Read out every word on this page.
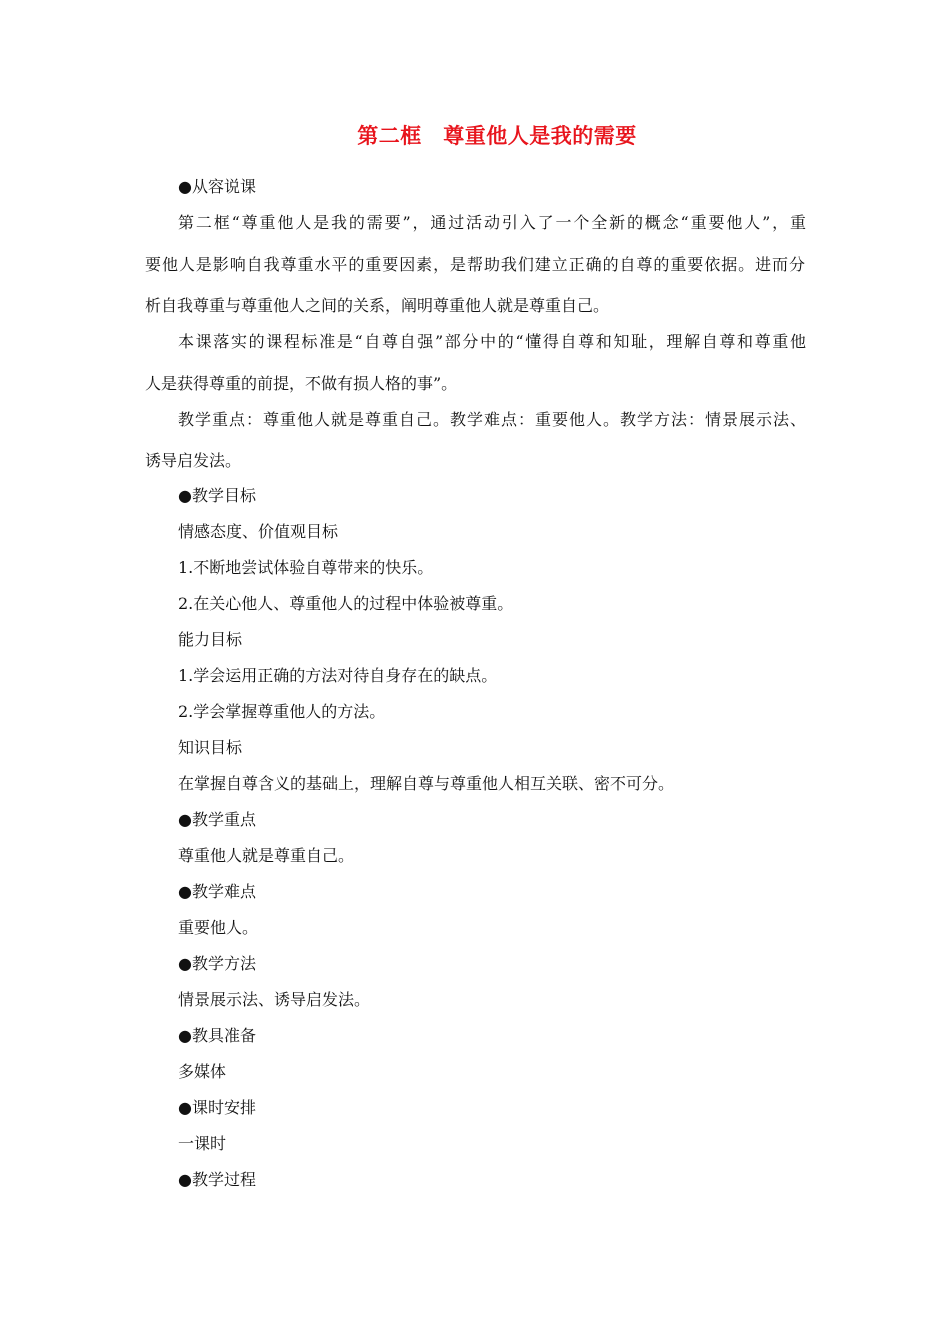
第二框　尊重他人是我的需要
●从容说课
第二框“尊重他人是我的需要”，通过活动引入了一个全新的概念“重要他人”，重
要他人是影响自我尊重水平的重要因素，是帮助我们建立正确的自尊的重要依据。进而分
析自我尊重与尊重他人之间的关系，阐明尊重他人就是尊重自己。
本课落实的课程标准是“自尊自强”部分中的“懂得自尊和知耻，理解自尊和尊重他
人是获得尊重的前提，不做有损人格的事”。
教学重点：尊重他人就是尊重自己。教学难点：重要他人。教学方法：情景展示法、
诱导启发法。
●教学目标
情感态度、价值观目标
1.不断地尝试体验自尊带来的快乐。
2.在关心他人、尊重他人的过程中体验被尊重。
能力目标
1.学会运用正确的方法对待自身存在的缺点。
2.学会掌握尊重他人的方法。
知识目标
在掌握自尊含义的基础上，理解自尊与尊重他人相互关联、密不可分。
●教学重点
尊重他人就是尊重自己。
●教学难点
重要他人。
●教学方法
情景展示法、诱导启发法。
●教具准备
多媒体
●课时安排
一课时
●教学过程
